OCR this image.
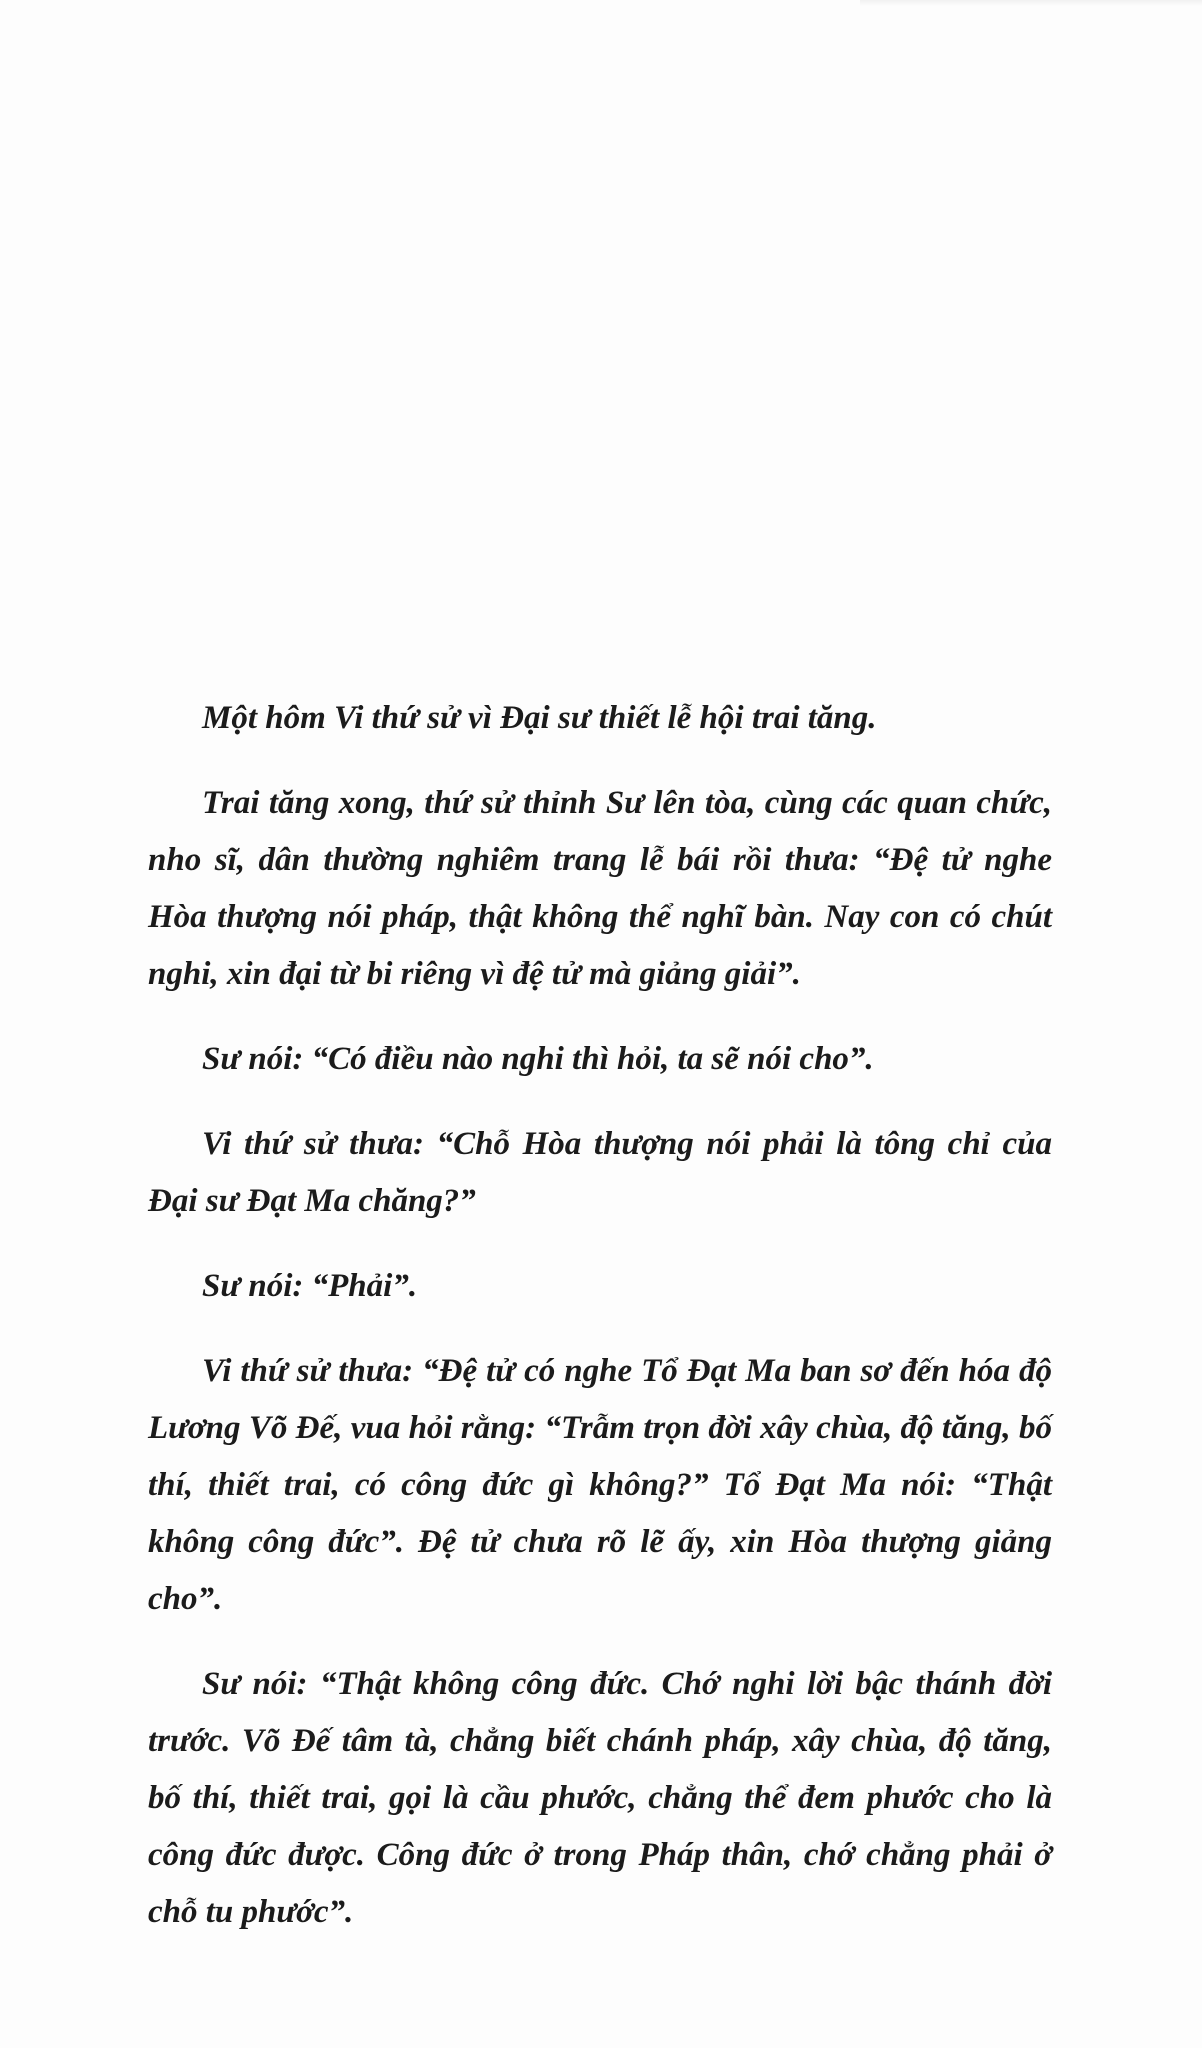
Một hôm Vi thứ sử vì Đại sư thiết lễ hội trai tăng.

Trai tăng xong, thứ sử thỉnh Sư lên tòa, cùng các quan chức, nho sĩ, dân thường nghiêm trang lễ bái rồi thưa: “Đệ tử nghe Hòa thượng nói pháp, thật không thể nghĩ bàn. Nay con có chút nghi, xin đại từ bi riêng vì đệ tử mà giảng giải”.

Sư nói: “Có điều nào nghi thì hỏi, ta sẽ nói cho”.

Vi thứ sử thưa: “Chỗ Hòa thượng nói phải là tông chỉ của Đại sư Đạt Ma chăng?”

Sư nói: “Phải”.

Vi thứ sử thưa: “Đệ tử có nghe Tổ Đạt Ma ban sơ đến hóa độ Lương Võ Đế, vua hỏi rằng: “Trẫm trọn đời xây chùa, độ tăng, bố thí, thiết trai, có công đức gì không?” Tổ Đạt Ma nói: “Thật không công đức”. Đệ tử chưa rõ lẽ ấy, xin Hòa thượng giảng cho”.

Sư nói: “Thật không công đức. Chớ nghi lời bậc thánh đời trước. Võ Đế tâm tà, chẳng biết chánh pháp, xây chùa, độ tăng, bố thí, thiết trai, gọi là cầu phước, chẳng thể đem phước cho là công đức được. Công đức ở trong Pháp thân, chớ chẳng phải ở chỗ tu phước”.
